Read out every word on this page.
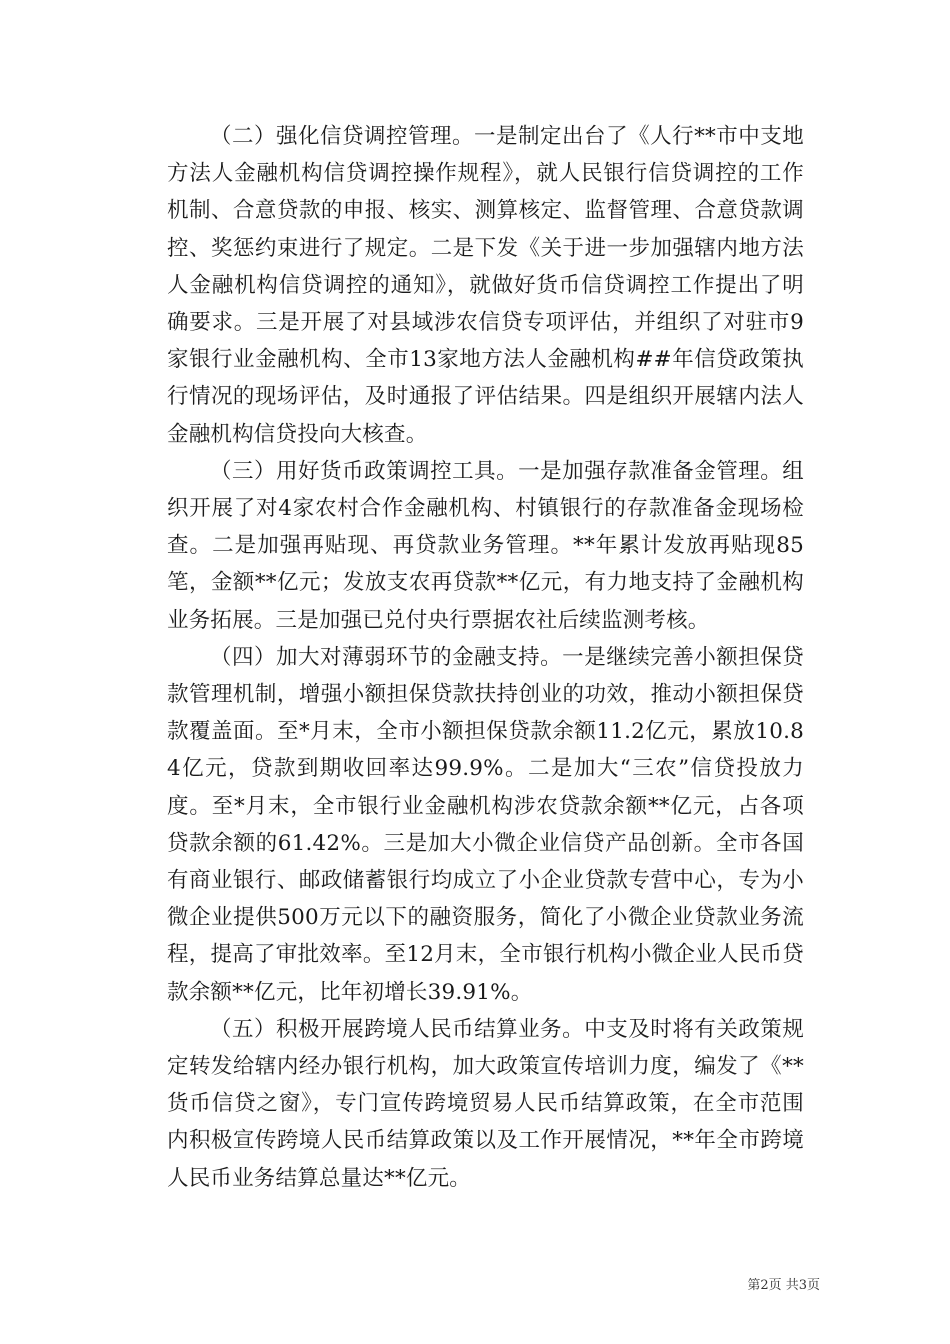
（二）强化信贷调控管理。一是制定出台了《人行**市中支地方法人金融机构信贷调控操作规程》，就人民银行信贷调控的工作机制、合意贷款的申报、核实、测算核定、监督管理、合意贷款调控、奖惩约束进行了规定。二是下发《关于进一步加强辖内地方法人金融机构信贷调控的通知》，就做好货币信贷调控工作提出了明确要求。三是开展了对县域涉农信贷专项评估，并组织了对驻市9家银行业金融机构、全市13家地方法人金融机构##年信贷政策执行情况的现场评估，及时通报了评估结果。四是组织开展辖内法人金融机构信贷投向大核查。

（三）用好货币政策调控工具。一是加强存款准备金管理。组织开展了对4家农村合作金融机构、村镇银行的存款准备金现场检查。二是加强再贴现、再贷款业务管理。**年累计发放再贴现85笔，金额**亿元；发放支农再贷款**亿元，有力地支持了金融机构业务拓展。三是加强已兑付央行票据农社后续监测考核。

（四）加大对薄弱环节的金融支持。一是继续完善小额担保贷款管理机制，增强小额担保贷款扶持创业的功效，推动小额担保贷款覆盖面。至*月末，全市小额担保贷款余额11.2亿元，累放10.84亿元，贷款到期收回率达99.9%。二是加大“三农”信贷投放力度。至*月末，全市银行业金融机构涉农贷款余额**亿元，占各项贷款余额的61.42%。三是加大小微企业信贷产品创新。全市各国有商业银行、邮政储蓄银行均成立了小企业贷款专营中心，专为小微企业提供500万元以下的融资服务，简化了小微企业贷款业务流程，提高了审批效率。至12月末，全市银行机构小微企业人民币贷款余额**亿元，比年初增长39.91%。

（五）积极开展跨境人民币结算业务。中支及时将有关政策规定转发给辖内经办银行机构，加大政策宣传培训力度，编发了《**货币信贷之窗》，专门宣传跨境贸易人民币结算政策，在全市范围内积极宣传跨境人民币结算政策以及工作开展情况，**年全市跨境人民币业务结算总量达**亿元。

第2页 共3页
